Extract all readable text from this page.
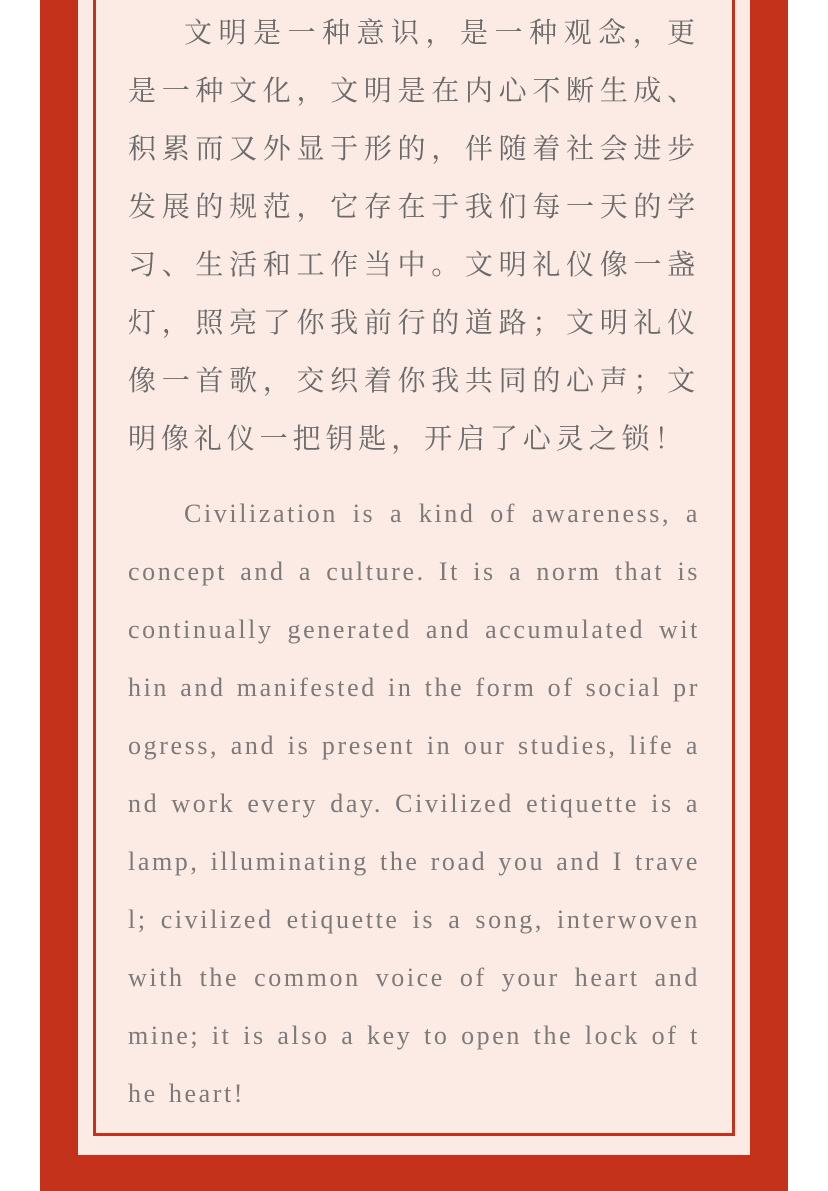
文明是一种意识，是一种观念，更是一种文化，文明是在内心不断生成、积累而又外显于形的，伴随着社会进步发展的规范，它存在于我们每一天的学习、生活和工作当中。文明礼仪像一盏灯，照亮了你我前行的道路；文明礼仪像一首歌，交织着你我共同的心声；文明像礼仪一把钥匙，开启了心灵之锁！

Civilization is a kind of awareness, a concept and a culture. It is a norm that is continually generated and accumulated within and manifested in the form of social progress, and is present in our studies, life and work every day. Civilized etiquette is a lamp, illuminating the road you and I travel; civilized etiquette is a song, interwoven with the common voice of your heart and mine; it is also a key to open the lock of the heart!
